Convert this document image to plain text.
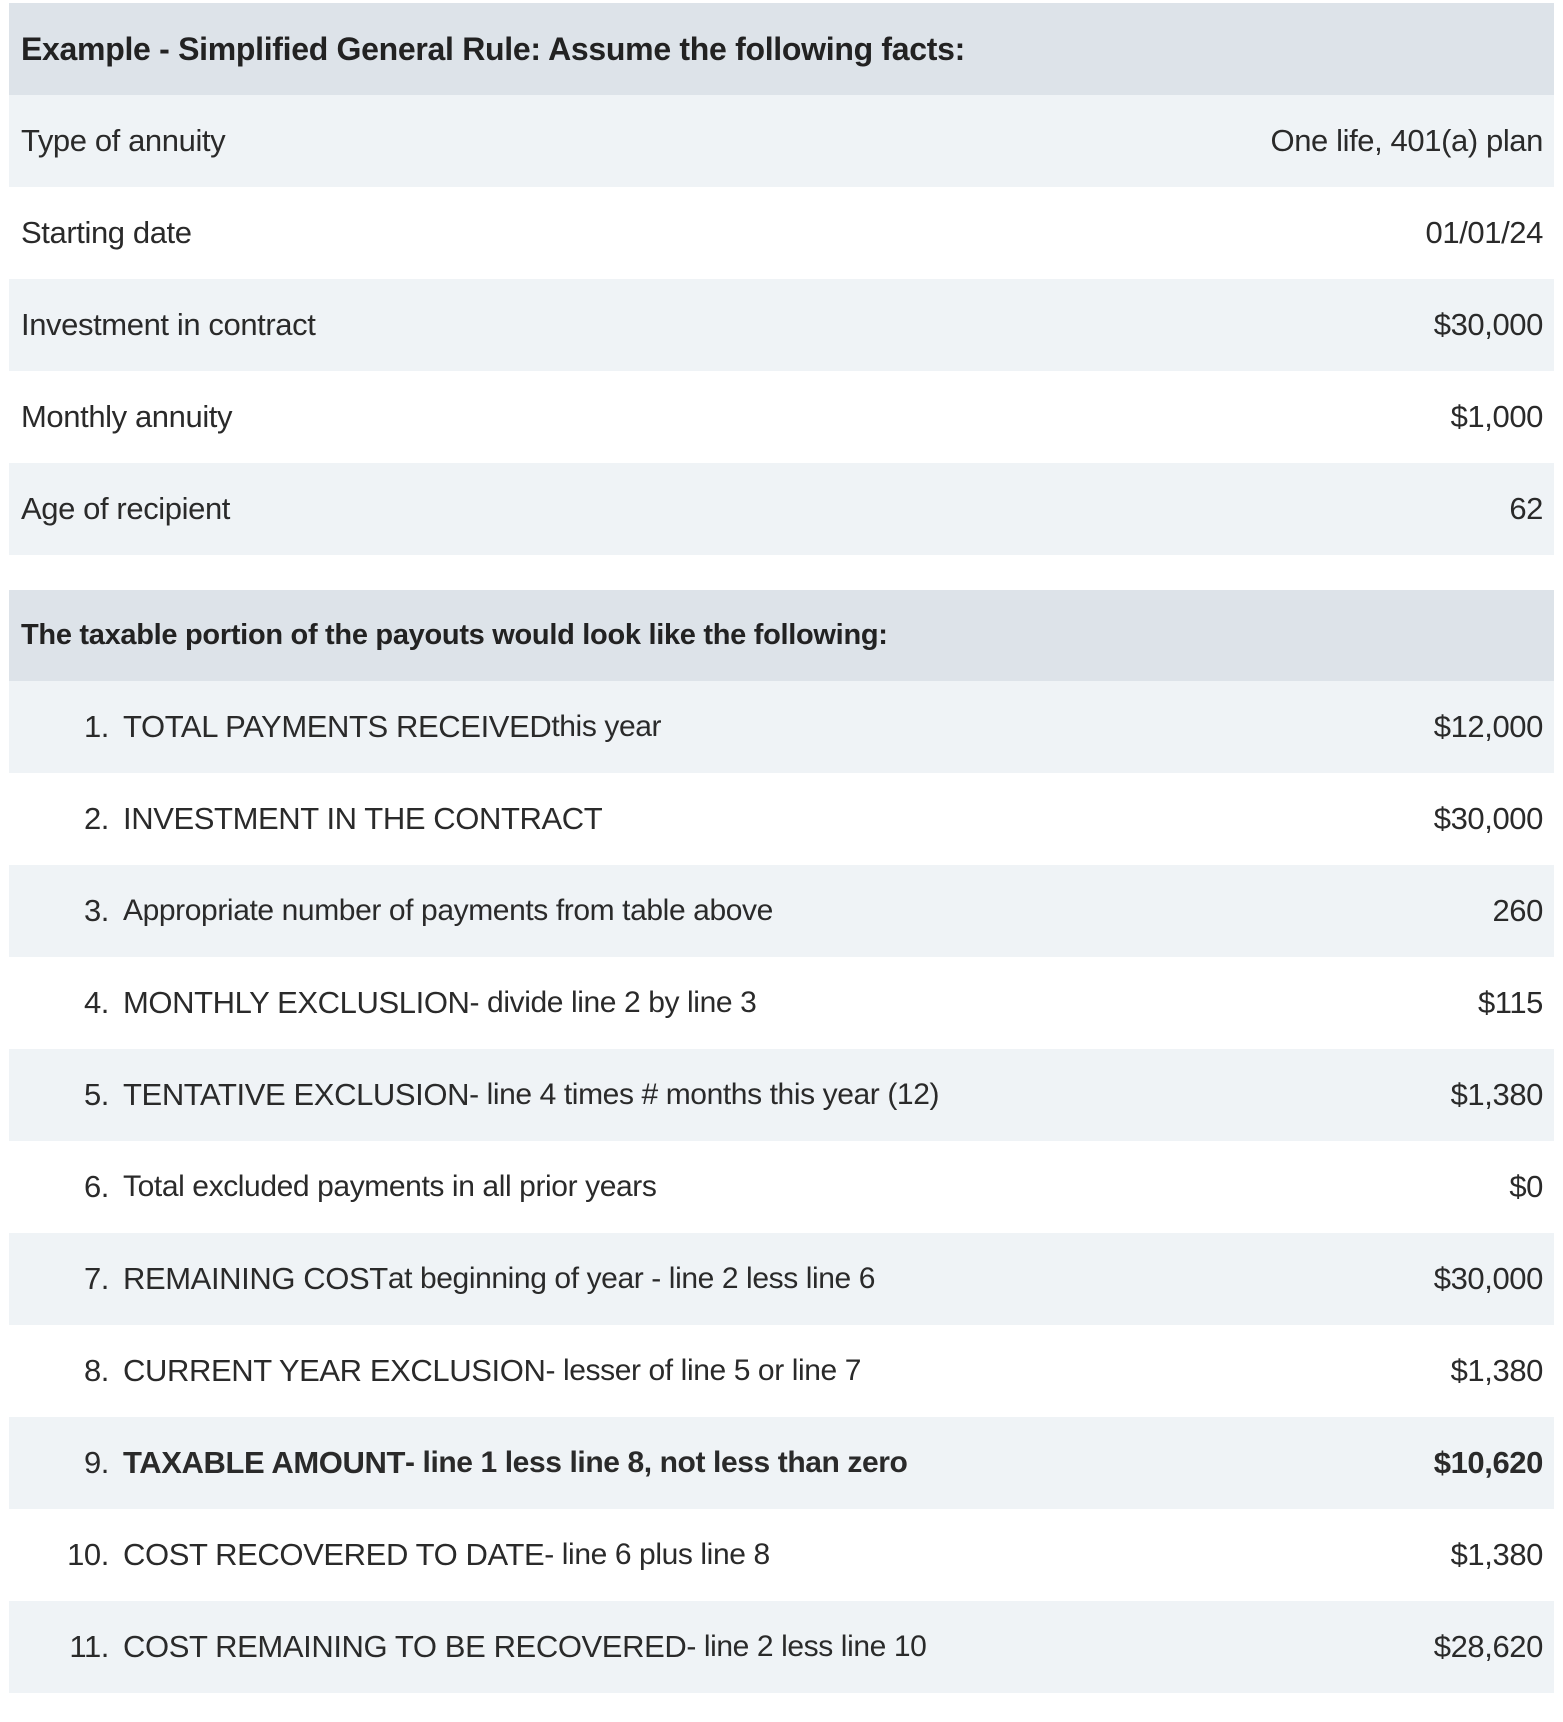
Example - Simplified General Rule: Assume the following facts:
Type of annuity	One life, 401(a) plan
Starting date	01/01/24
Investment in contract	$30,000
Monthly annuity	$1,000
Age of recipient	62
The taxable portion of the payouts would look like the following:
1. TOTAL PAYMENTS RECEIVED this year	$12,000
2. INVESTMENT IN THE CONTRACT	$30,000
3. Appropriate number of payments from table above	260
4. MONTHLY EXCLUSLION - divide line 2 by line 3	$115
5. TENTATIVE EXCLUSION - line 4 times # months this year (12)	$1,380
6. Total excluded payments in all prior years	$0
7. REMAINING COST at beginning of year - line 2 less line 6	$30,000
8. CURRENT YEAR EXCLUSION - lesser of line 5 or line 7	$1,380
9. TAXABLE AMOUNT - line 1 less line 8, not less than zero	$10,620
10. COST RECOVERED TO DATE - line 6 plus line 8	$1,380
11. COST REMAINING TO BE RECOVERED - line 2 less line 10	$28,620
